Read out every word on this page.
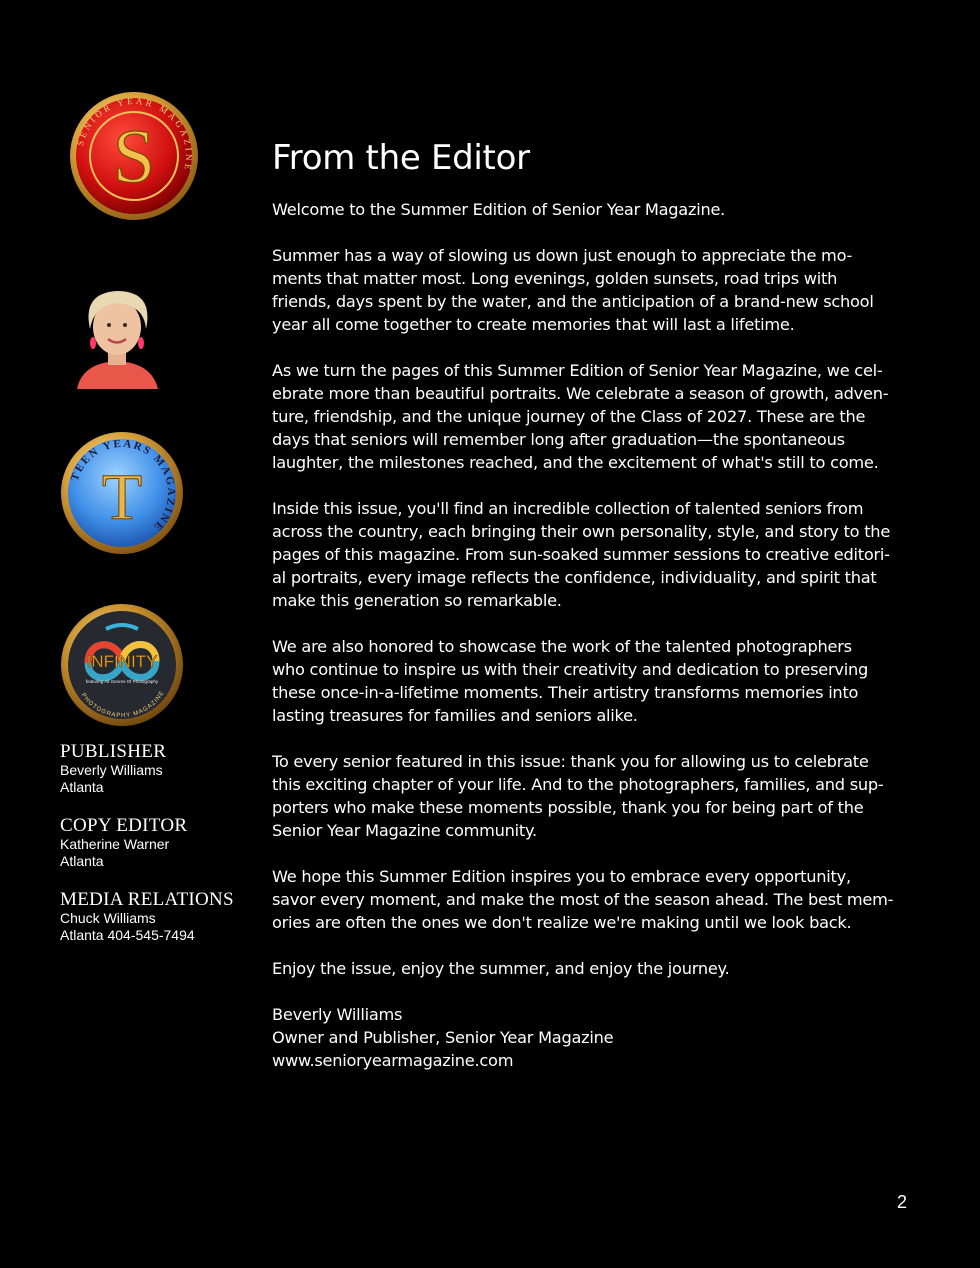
SENIOR YEAR MAGAZINE
S
TEEN YEARS MAGAZINE
T
INFINITY
featuring All Genres Of Photography
PHOTOGRAPHY MAGAZINE
PUBLISHER
Beverly Williams
Atlanta
COPY EDITOR
Katherine Warner
Atlanta
MEDIA RELATIONS
Chuck Williams
Atlanta 404-545-7494
From the Editor
Welcome to the Summer Edition of Senior Year Magazine.
Summer has a way of slowing us down just enough to appreciate the mo-
ments that matter most. Long evenings, golden sunsets, road trips with
friends, days spent by the water, and the anticipation of a brand-new school
year all come together to create memories that will last a lifetime.
As we turn the pages of this Summer Edition of Senior Year Magazine, we cel-
ebrate more than beautiful portraits. We celebrate a season of growth, adven-
ture, friendship, and the unique journey of the Class of 2027. These are the
days that seniors will remember long after graduation—the spontaneous
laughter, the milestones reached, and the excitement of what's still to come.
Inside this issue, you'll find an incredible collection of talented seniors from
across the country, each bringing their own personality, style, and story to the
pages of this magazine. From sun-soaked summer sessions to creative editori-
al portraits, every image reflects the confidence, individuality, and spirit that
make this generation so remarkable.
We are also honored to showcase the work of the talented photographers
who continue to inspire us with their creativity and dedication to preserving
these once-in-a-lifetime moments. Their artistry transforms memories into
lasting treasures for families and seniors alike.
To every senior featured in this issue: thank you for allowing us to celebrate
this exciting chapter of your life. And to the photographers, families, and sup-
porters who make these moments possible, thank you for being part of the
Senior Year Magazine community.
We hope this Summer Edition inspires you to embrace every opportunity,
savor every moment, and make the most of the season ahead. The best mem-
ories are often the ones we don't realize we're making until we look back.
Enjoy the issue, enjoy the summer, and enjoy the journey.
Beverly Williams
Owner and Publisher, Senior Year Magazine
www.senioryearmagazine.com
2
